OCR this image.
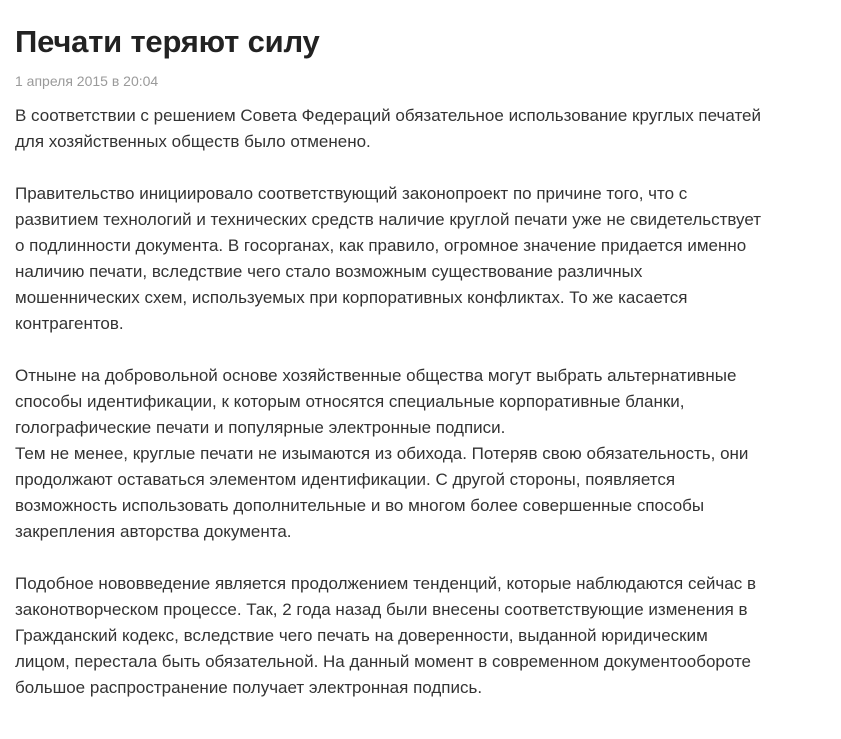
Печати теряют силу
1 апреля 2015 в 20:04

В соответствии с решением Совета Федераций обязательное использование круглых печатей

для хозяйственных обществ было отменено.

Правительство инициировало соответствующий законопроект по причине того, что с

развитием технологий и технических средств наличие круглой печати уже не свидетельствует

о подлинности документа. В госорганах, как правило, огромное значение придается именно

наличию печати, вследствие чего стало возможным существование различных

мошеннических схем, используемых при корпоративных конфликтах. То же касается

контрагентов.

Отныне на добровольной основе хозяйственные общества могут выбрать альтернативные

способы идентификации, к которым относятся специальные корпоративные бланки,

голографические печати и популярные электронные подписи.

Тем не менее, круглые печати не изымаются из обихода. Потеряв свою обязательность, они

продолжают оставаться элементом идентификации. С другой стороны, появляется

возможность использовать дополнительные и во многом более совершенные способы

закрепления авторства документа.

Подобное нововведение является продолжением тенденций, которые наблюдаются сейчас в

законотворческом процессе. Так, 2 года назад были внесены соответствующие изменения в

Гражданский кодекс, вследствие чего печать на доверенности, выданной юридическим

лицом, перестала быть обязательной. На данный момент в современном документообороте

большое распространение получает электронная подпись.
